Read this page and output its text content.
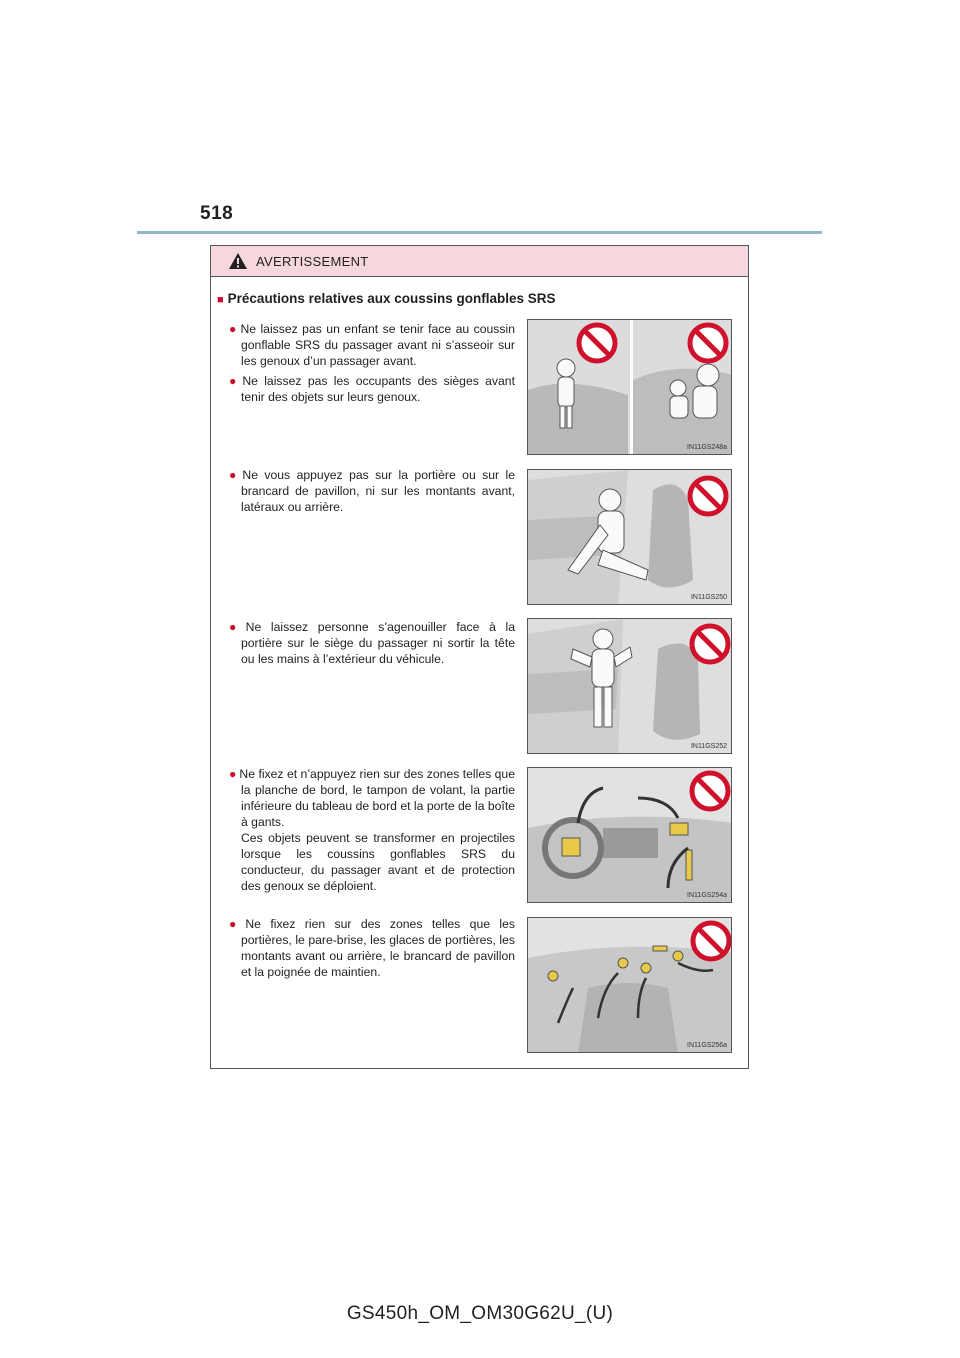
518
AVERTISSEMENT
■ Précautions relatives aux coussins gonflables SRS
● Ne laissez pas un enfant se tenir face au coussin gonflable SRS du passager avant ni s’asseoir sur les genoux d’un passager avant.
● Ne laissez pas les occupants des sièges avant tenir des objets sur leurs genoux.
● Ne vous appuyez pas sur la portière ou sur le brancard de pavillon, ni sur les montants avant, latéraux ou arrière.
● Ne laissez personne s’agenouiller face à la portière sur le siège du passager ni sortir la tête ou les mains à l’extérieur du véhicule.
● Ne fixez et n’appuyez rien sur des zones telles que la planche de bord, le tampon de volant, la partie inférieure du tableau de bord et la porte de la boîte à gants.
Ces objets peuvent se transformer en projectiles lorsque les coussins gonflables SRS du conducteur, du passager avant et de protection des genoux se déploient.
● Ne fixez rien sur des zones telles que les portières, le pare-brise, les glaces de portières, les montants avant ou arrière, le brancard de pavillon et la poignée de maintien.
IN11GS248a
IN11GS250
IN11GS252
IN11GS254a
IN11GS256a
GS450h_OM_OM30G62U_(U)
